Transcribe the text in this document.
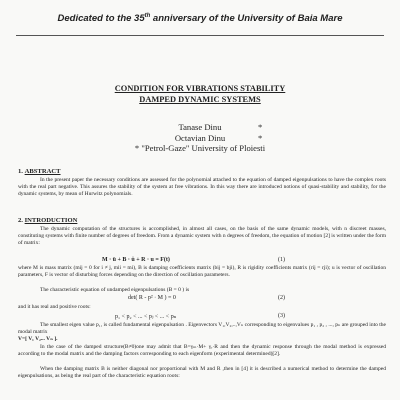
Dedicated to the 35th anniversary of the University of Baia Mare
CONDITION FOR VIBRATIONS STABILITY
DAMPED DYNAMIC SYSTEMS
Tanase Dinu	*
Octavian Dinu	*
* "Petrol-Gaze" University of Ploiesti
1. ABSTRACT
In the present paper the necessary conditions are assessed for the polynomial attached to the equation of damped eigenpulsations to have the complex roots with the real part negative. This assures the stability of the system at free vibrations. In this way there are introduced notions of quasi-stability and stability, for the dynamic systems, by mean of Hurwitz polynomials.
2. INTRODUCTION
The dynamic computation of the structures is accomplished, in almost all cases, on the basis of the same dynamic models, with n discreet masses, constituting systems with finite number of degrees of freedom. From a dynamic system with n degrees of freedom, the equation of motion [2] is written under the form of matrix:
M · ü + B · u̇ + R · u = F(t)	(1)
where M is mass matrix (mij = 0 for i ≠ j, mii = mi), B is damping coefficients matrix (bij = bji), R is rigidity coefficients matrix (rij = rji); u is vector of oscillation parameters, F is vector of disturbing forces depending on the direction of oscillation parameters.
The characteristic equation of undamped eigenpulsations (B = 0 ) is
det( R - p² · M ) = 0	(2)
and it has real and positive roots:
p₁ < p₂ < ... < pⱼ < ... < pₙ	(3)
The smallest eigen value p₁, is called fundamental eigenpulsation . Eigenvectors V₁,V₂,..,Vₙ corresponding to eigenvalues p₁ , p₂ , ..., pₙ are grouped into the modal matrix
V=[ V₁ V₂... Vₙ ].
In the case of the damped structure(B≠0)one may admit that B=γₘ·M+ γᵣ·R and then the dynamic response through the modal method is expressed according to the modal matrix and the damping factors corresponding to each eigenform (experimental determined)[2].
When the damping matrix B is neither diagonal nor proportional with M and R ,then in [4] it is described a numerical method to determine the damped eigenpulsations, as being the real part of the characteristic equation roots:
